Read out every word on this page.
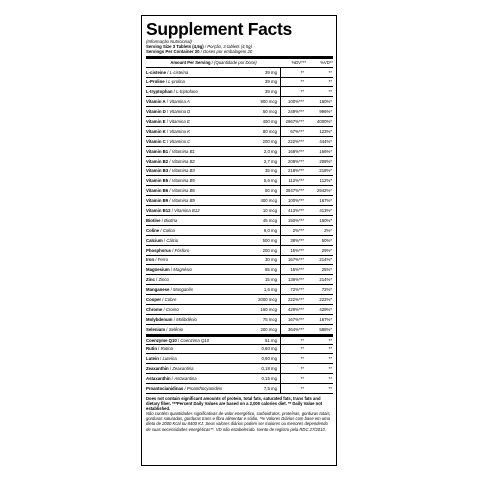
Supplement Facts
(Informação Nutricional)
Serving Size 3 Tablets (4,5g) / Porção, 3 tablets (4,5g)
Servings Per Container 20 / Doses por embalagem 20
Amount Per Serving / (Quantidade por Dose)	%DV***	%VD**
L-cisteine / L-cisteína	39 mg	**	**
L-Proline / L-prolina	39 mg	**	**
L-tryptophan / L-triptofano	39 mg	**	**
Vitamin A / Vitamina A	900 mcg	100%***	150%*
Vitamin D / Vitamina D	50 mcg	249%***	996%*
Vitamin E / Vitamina E	400 mg	2667%***	4000%*
Vitamin K / Vitamina K	80 mcg	67%***	123%*
Vitamin C / Vitamina C	200 mg	222%***	444%*
Vitamin B1 / Vitamina B1	2,0 mg	168%***	166%*
Vitamin B2 / Vitamina B2	2,7 mg	208%***	208%*
Vitamin B3 / Vitamina B3	35 mg	218%***	218%*
Vitamin B5 / Vitamina B5	5,6 mg	112%***	112%*
Vitamin B6 / Vitamina B6	50 mg	3847%***	2942%*
Vitamin B9 / Vitamina B9	400 mcg	100%***	167%*
Vitamin B12 / Vitamina B12	10 mcg	413%***	413%*
Biotine / Biotina	45 mcg	150%***	150%*
Coline / Colina	9,0 mg	2%***	2%*
Calcium / Cálcio	500 mg	38%***	50%*
Phosphorus / Fósforo	200 mg	16%***	29%*
Iron / Ferro	30 mg	167%***	214%*
Magnesium / Magnésio	65 mg	15%***	25%*
Zinc / Zinco	15 mg	136%***	214%*
Manganese / Manganês	1,6 mg	72%***	72%*
Cooper / Cobre	2000 mcg	222%***	222%*
Chrome / Cromo	150 mcg	429%***	429%*
Molybdenum / Molibdênio	75 mcg	167%***	167%*
Selenium / Selênio	200 mcg	364%***	588%*
Coenzyme Q10 / Coenzima Q10	51 mg	**	**
Rutin / Rutina	0,60 mg	**	**
Lutein / Luteína	0,90 mg	**	**
Zeaxanthin / Zeaxantina	0,18 mg	**	**
Astaxanthin / Astaxantina	0,15 mg	**	**
Proantocianidinas / Proanthocyanidins	7,5 mg	**	**
Does not contain significant amounts of protein, total fats, saturated fats, trans fats and dietary fiber. ***Percent Daily Values are based on a 2,000 calories diet. ** Daily Value not established.
Não contém quantidades significativas de valor energético, carboidratos, proteínas, gorduras totais, gorduras saturadas, gorduras trans e fibra alimentar e sódio. *% Valores Diários com base em uma dieta de 2000 Kcal ou 8400 KJ. Seus valores diários podem ser maiores ou menores dependendo de suas necessidades energéticas**. VD não estabelecido. Isento de registro pela RDC 27/2010.
